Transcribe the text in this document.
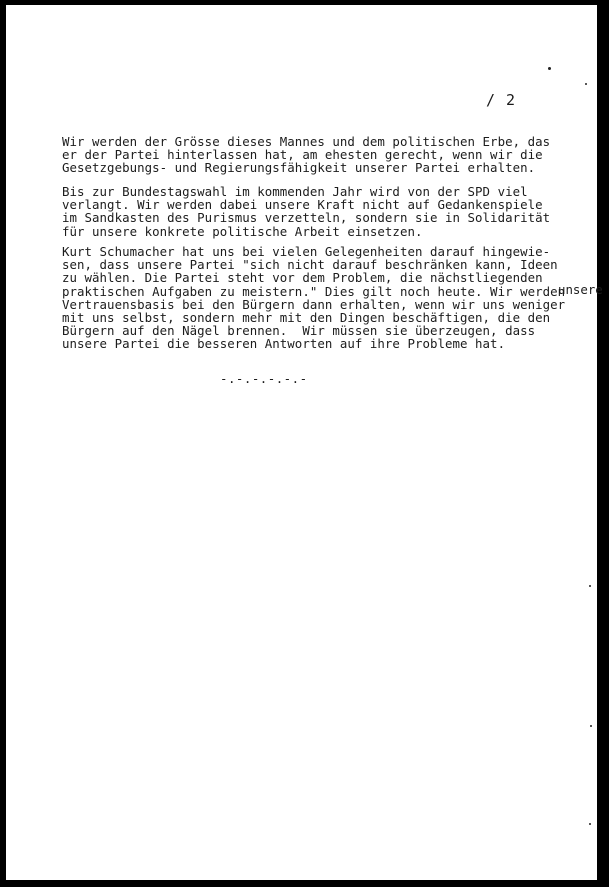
/ 2

Wir werden der Grösse dieses Mannes und dem politischen Erbe, das
er der Partei hinterlassen hat, am ehesten gerecht, wenn wir die
Gesetzgebungs- und Regierungsfähigkeit unserer Partei erhalten.

Bis zur Bundestagswahl im kommenden Jahr wird von der SPD viel
verlangt. Wir werden dabei unsere Kraft nicht auf Gedankenspiele
im Sandkasten des Purismus verzetteln, sondern sie in Solidarität
für unsere konkrete politische Arbeit einsetzen.

Kurt Schumacher hat uns bei vielen Gelegenheiten darauf hingewie-
sen, dass unsere Partei "sich nicht darauf beschränken kann, Ideen
zu wählen. Die Partei steht vor dem Problem, die nächstliegenden
praktischen Aufgaben zu meistern." Dies gilt noch heute. Wir werden
Vertrauensbasis bei den Bürgern dann erhalten, wenn wir uns weniger
mit uns selbst, sondern mehr mit den Dingen beschäftigen, die den
Bürgern auf den Nägel brennen.  Wir müssen sie überzeugen, dass
unsere Partei die besseren Antworten auf ihre Probleme hat.

unsere
-.-.-.-.-.-
